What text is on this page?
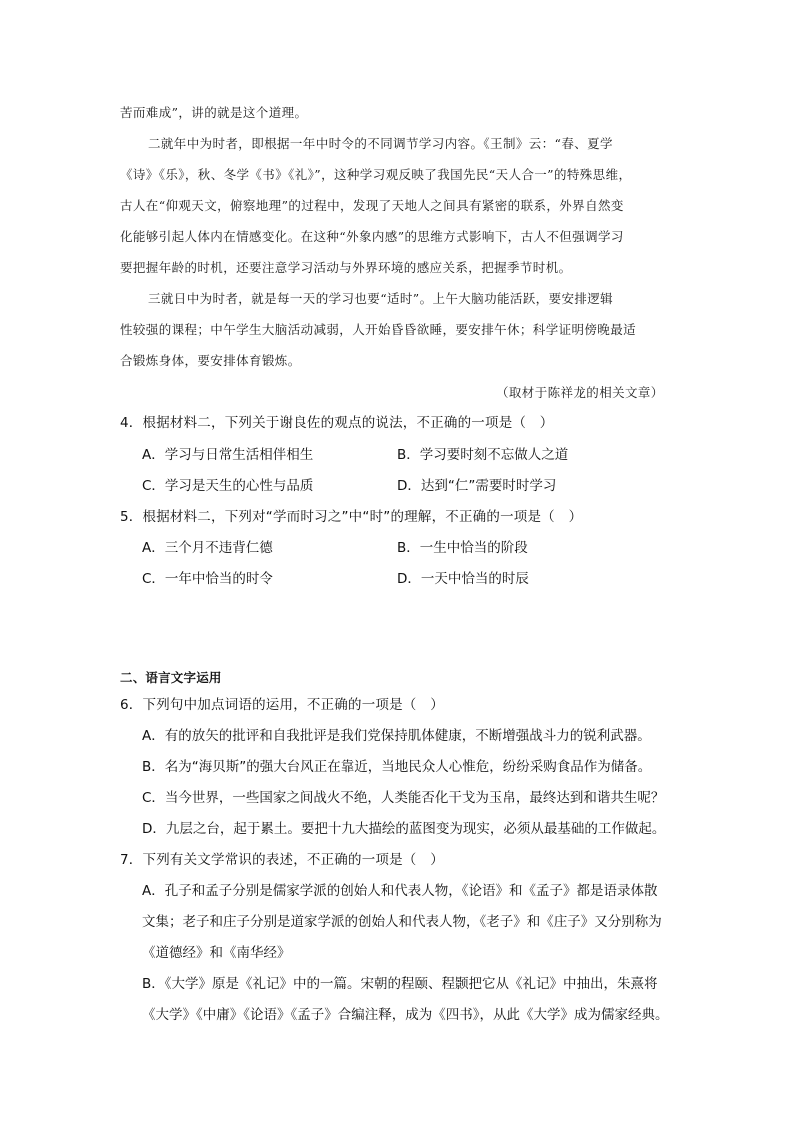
苦而难成”，讲的就是这个道理。
二就年中为时者，即根据一年中时令的不同调节学习内容。《王制》云：“春、夏学
《诗》《乐》，秋、冬学《书》《礼》”，这种学习观反映了我国先民“天人合一”的特殊思维，
古人在“仰观天文，俯察地理”的过程中，发现了天地人之间具有紧密的联系，外界自然变
化能够引起人体内在情感变化。在这种“外象内感”的思维方式影响下，古人不但强调学习
要把握年龄的时机，还要注意学习活动与外界环境的感应关系，把握季节时机。
三就日中为时者，就是每一天的学习也要“适时”。上午大脑功能活跃，要安排逻辑
性较强的课程；中午学生大脑活动减弱，人开始昏昏欲睡，要安排午休；科学证明傍晚最适
合锻炼身体，要安排体育锻炼。
（取材于陈祥龙的相关文章）
4．根据材料二，下列关于谢良佐的观点的说法，不正确的一项是（　）
A．学习与日常生活相伴相生	B．学习要时刻不忘做人之道
C．学习是天生的心性与品质	D．达到“仁”需要时时学习
5．根据材料二，下列对“学而时习之”中“时”的理解，不正确的一项是（　）
A．三个月不违背仁德	B．一生中恰当的阶段
C．一年中恰当的时令	D．一天中恰当的时辰
二、语言文字运用
6．下列句中加点词语的运用，不正确的一项是（　）
A．有的放矢的批评和自我批评是我们党保持肌体健康，不断增强战斗力的锐利武器。
B．名为“海贝斯”的强大台风正在靠近，当地民众人心惟危，纷纷采购食品作为储备。
C．当今世界，一些国家之间战火不绝，人类能否化干戈为玉帛，最终达到和谐共生呢？
D．九层之台，起于累土。要把十九大描绘的蓝图变为现实，必须从最基础的工作做起。
7．下列有关文学常识的表述，不正确的一项是（　）
A．孔子和孟子分别是儒家学派的创始人和代表人物，《论语》和《孟子》都是语录体散
文集；老子和庄子分别是道家学派的创始人和代表人物，《老子》和《庄子》又分别称为
《道德经》和《南华经》
B．《大学》原是《礼记》中的一篇。宋朝的程颐、程颢把它从《礼记》中抽出，朱熹将
《大学》《中庸》《论语》《孟子》合编注释，成为《四书》，从此《大学》成为儒家经典。
